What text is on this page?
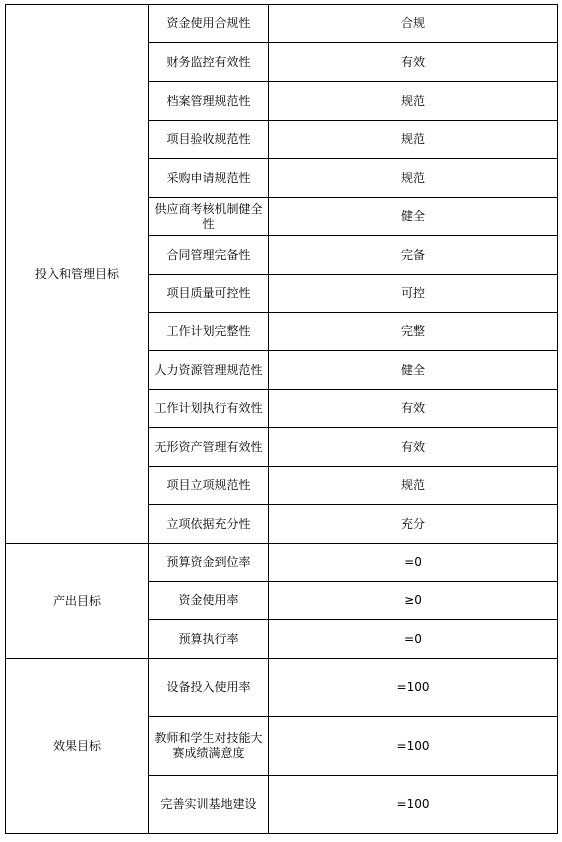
投入和管理目标	资金使用合规性	合规
	财务监控有效性	有效
	档案管理规范性	规范
	项目验收规范性	规范
	采购申请规范性	规范
	供应商考核机制健全性	健全
	合同管理完备性	完备
	项目质量可控性	可控
	工作计划完整性	完整
	人力资源管理规范性	健全
	工作计划执行有效性	有效
	无形资产管理有效性	有效
	项目立项规范性	规范
	立项依据充分性	充分
产出目标	预算资金到位率	=0
	资金使用率	≥0
	预算执行率	=0
效果目标	设备投入使用率	=100
	教师和学生对技能大赛成绩满意度	=100
	完善实训基地建设	=100
